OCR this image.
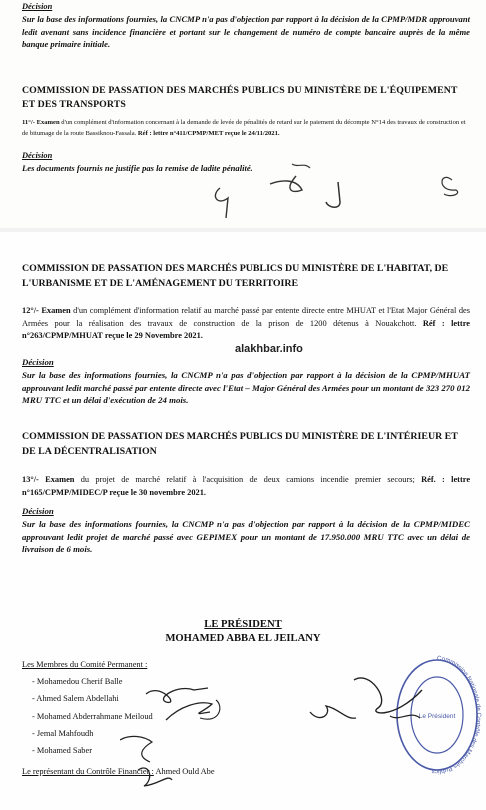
Décision
Sur la base des informations fournies, la CNCMP n'a pas d'objection par rapport à la décision de la CPMP/MDR approuvant ledit avenant sans incidence financière et portant sur le changement de numéro de compte bancaire auprès de la même banque primaire initiale.
COMMISSION DE PASSATION DES MARCHÉS PUBLICS DU MINISTÈRE DE L'ÉQUIPEMENT ET DES TRANSPORTS
11°/- Examen d'un complément d'information concernant à la demande de levée de pénalités de retard sur le paiement du décompte N°14 des travaux de construction et de bitumage de la route Bassiknou-Fassala. Réf : lettre n°411/CPMP/MET reçue le 24/11/2021.
Décision
Les documents fournis ne justifie pas la remise de ladite pénalité.
COMMISSION DE PASSATION DES MARCHÉS PUBLICS DU MINISTÈRE DE L'HABITAT, DE L'URBANISME ET DE L'AMÉNAGEMENT DU TERRITOIRE
12°/- Examen d'un complément d'information relatif au marché passé par entente directe entre MHUAT et l'Etat Major Général des Armées pour la réalisation des travaux de construction de la prison de 1200 détenus à Nouakchott. Réf : lettre n°263/CPMP/MHUAT reçue le 29 Novembre 2021.
alakhbar.info
Décision
Sur la base des informations fournies, la CNCMP n'a pas d'objection par rapport à la décision de la CPMP/MHUAT approuvant ledit marché passé par entente directe avec l'Etat – Major Général des Armées pour un montant de 323 270 012 MRU TTC et un délai d'exécution de 24 mois.
COMMISSION DE PASSATION DES MARCHÉS PUBLICS DU MINISTÈRE DE L'INTÉRIEUR ET DE LA DÉCENTRALISATION
13°/- Examen du projet de marché relatif à l'acquisition de deux camions incendie premier secours; Réf. : lettre n°165/CPMP/MIDEC/P reçue le 30 novembre 2021.
Décision
Sur la base des informations fournies, la CNCMP n'a pas d'objection par rapport à la décision de la CPMP/MIDEC approuvant ledit projet de marché passé avec GEPIMEX pour un montant de 17.950.000 MRU TTC avec un délai de livraison de 6 mois.
LE PRÉSIDENT
MOHAMED ABBA EL JEILANY
Les Membres du Comité Permanent :
- Mohamedou Cherif Balle
- Ahmed Salem Abdellahi
- Mohamed Abderrahmane Meiloud
- Jemal Mahfoudh
- Mohamed Saber
Le représentant du Contrôle Financier : Ahmed Ould Abe
Commission Nationale de Contrôle des Marchés Publics
Le Président
